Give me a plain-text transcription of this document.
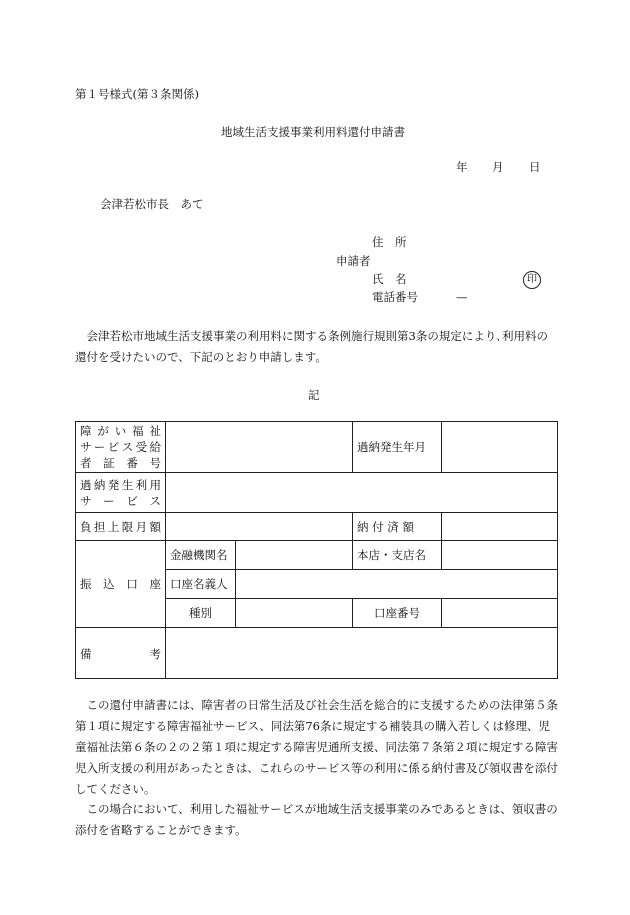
第１号様式(第３条関係)
地域生活支援事業利用料還付申請書
年 月 日
会津若松市長　あて
住　所
申請者
氏　名	印
電話番号	—
会津若松市地域生活支援事業の利用料に関する条例施行規則第3条の規定により､利用料の還付を受けたいので、下記のとおり申請します。
記
障がい福祉
サービス受給
者 証 番 号			過納発生年月	

過納発生利用
サ ー ビ ス				

負担上限月額			納 付 済 額	
振 込 口 座	金融機関名		本店・支店名	
	口座名義人			
	種別		口座番号	
備　　　考				
この還付申請書には、障害者の日常生活及び社会生活を総合的に支援するための法律第５条第１項に規定する障害福祉サービス、同法第76条に規定する補装具の購入若しくは修理、児童福祉法第６条の２の２第１項に規定する障害児通所支援、同法第７条第２項に規定する障害児入所支援の利用があったときは、これらのサービス等の利用に係る納付書及び領収書を添付してください。
この場合において、利用した福祉サービスが地域生活支援事業のみであるときは、領収書の添付を省略することができます。
